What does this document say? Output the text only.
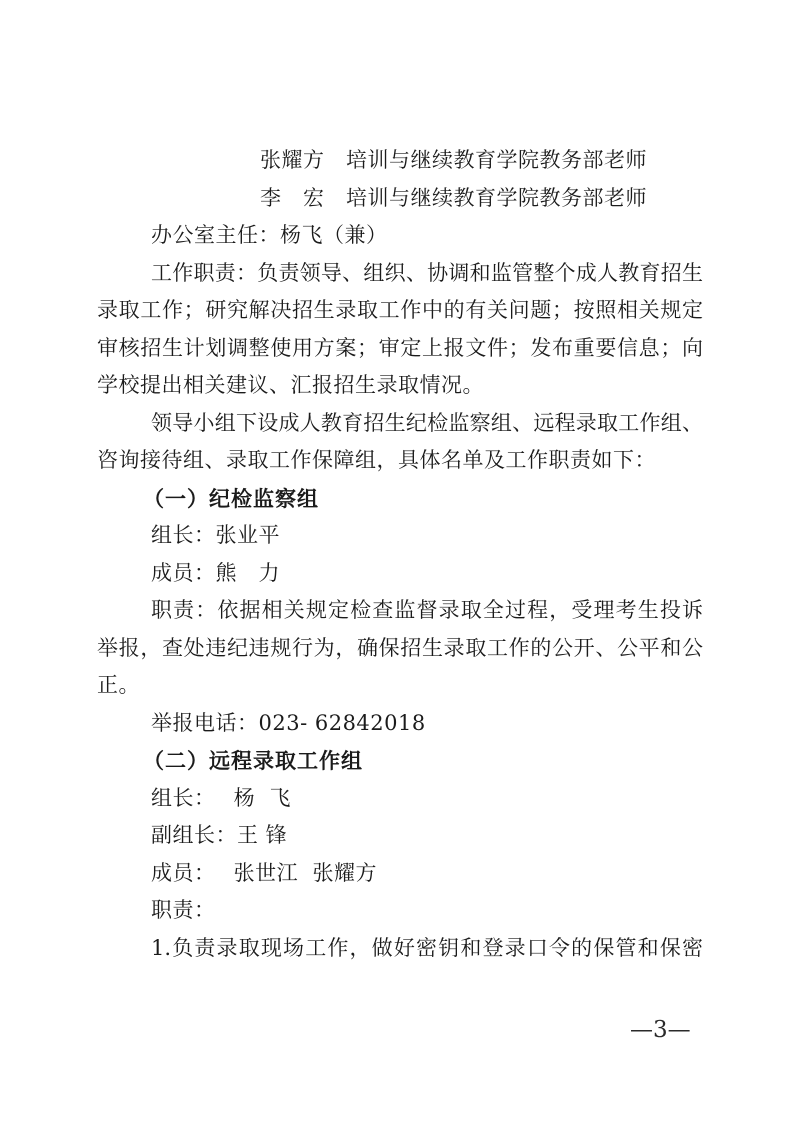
张耀方　培训与继续教育学院教务部老师
李　宏　培训与继续教育学院教务部老师
办公室主任：杨飞（兼）
工作职责：负责领导、组织、协调和监管整个成人教育招生
录取工作；研究解决招生录取工作中的有关问题；按照相关规定
审核招生计划调整使用方案；审定上报文件；发布重要信息；向
学校提出相关建议、汇报招生录取情况。
领导小组下设成人教育招生纪检监察组、远程录取工作组、
咨询接待组、录取工作保障组，具体名单及工作职责如下：
（一）纪检监察组
组长：张业平
成员：熊　力
职责：依据相关规定检查监督录取全过程，受理考生投诉
举报，查处违纪违规行为，确保招生录取工作的公开、公平和公
正。
举报电话：023- 62842018
（二）远程录取工作组
组长：　 杨  飞
副组长：王 锋
成员：　 张世江  张耀方
职责：
1.负责录取现场工作，做好密钥和登录口令的保管和保密
—3—
